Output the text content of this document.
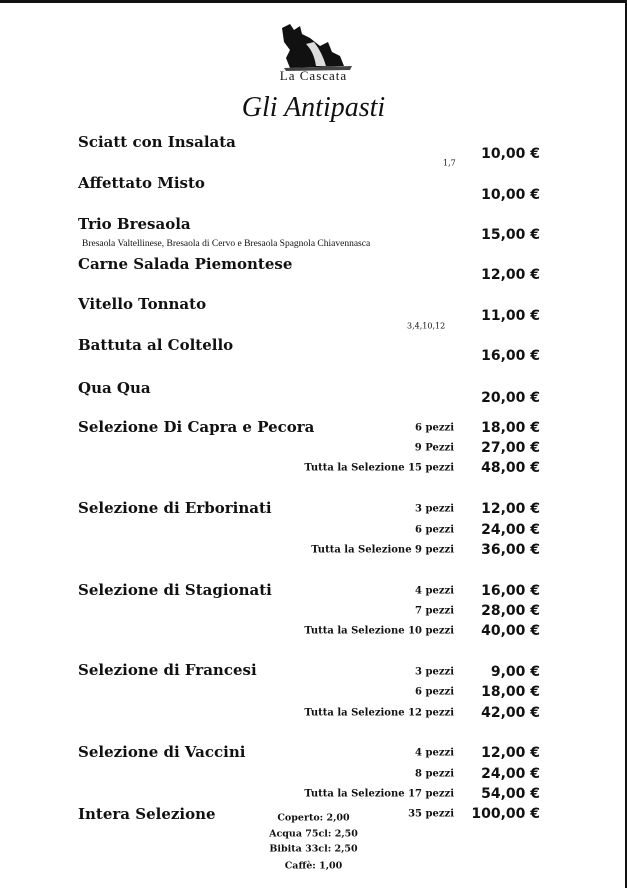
La Cascata
Gli Antipasti
Sciatt con Insalata
1,7
10,00 €
Affettato Misto
10,00 €
Trio Bresaola
Bresaola Valtellinese, Bresaola di Cervo e Bresaola Spagnola Chiavennasca
15,00 €
Carne Salada Piemontese
12,00 €
Vitello Tonnato
3,4,10,12
11,00 €
Battuta al Coltello
16,00 €
Qua Qua
20,00 €
Selezione Di Capra e Pecora	6 pezzi 18,00 €
9 Pezzi 27,00 €
Tutta la Selezione 15 pezzi 48,00 €
Selezione di Erborinati	3 pezzi 12,00 €
6 pezzi 24,00 €
Tutta la Selezione 9 pezzi 36,00 €
Selezione di Stagionati	4 pezzi 16,00 €
7 pezzi 28,00 €
Tutta la Selezione 10 pezzi 40,00 €
Selezione di Francesi	3 pezzi	9,00 €
6 pezzi 18,00 €
Tutta la Selezione 12 pezzi 42,00 €
Selezione di Vaccini	4 pezzi 12,00 €
8 pezzi 24,00 €
Tutta la Selezione 17 pezzi 54,00 €
Intera Selezione	35 pezzi 100,00 €
Coperto: 2,00
Acqua 75cl: 2,50
Bibita 33cl: 2,50
Caffè: 1,00
